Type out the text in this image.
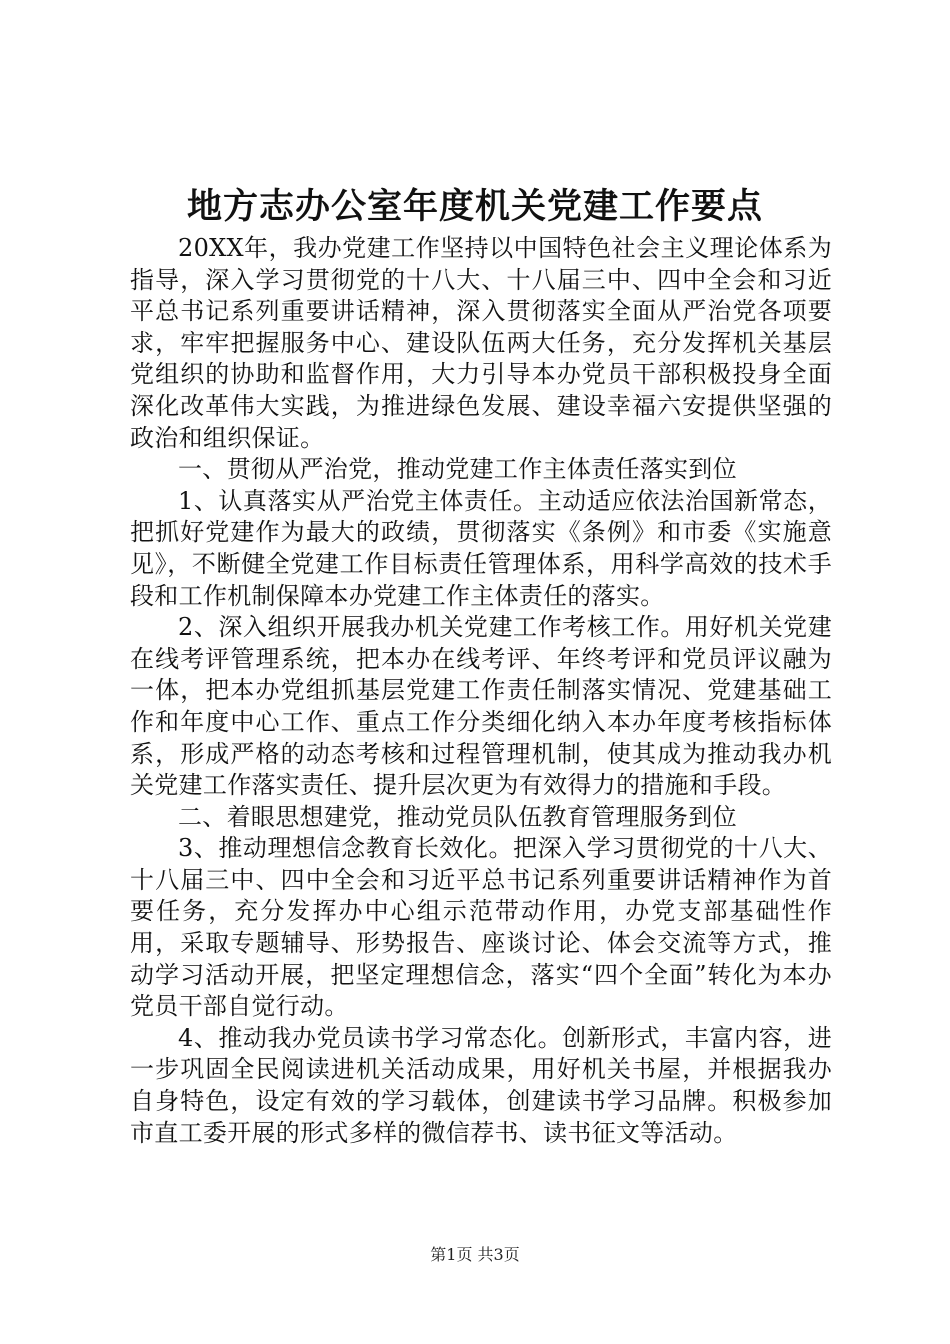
地方志办公室年度机关党建工作要点

20XX年，我办党建工作坚持以中国特色社会主义理论体系为指导，深入学习贯彻党的十八大、十八届三中、四中全会和习近平总书记系列重要讲话精神，深入贯彻落实全面从严治党各项要求，牢牢把握服务中心、建设队伍两大任务，充分发挥机关基层党组织的协助和监督作用，大力引导本办党员干部积极投身全面深化改革伟大实践，为推进绿色发展、建设幸福六安提供坚强的政治和组织保证。

一、贯彻从严治党，推动党建工作主体责任落实到位

1、认真落实从严治党主体责任。主动适应依法治国新常态，把抓好党建作为最大的政绩，贯彻落实《条例》和市委《实施意见》，不断健全党建工作目标责任管理体系，用科学高效的技术手段和工作机制保障本办党建工作主体责任的落实。

2、深入组织开展我办机关党建工作考核工作。用好机关党建在线考评管理系统，把本办在线考评、年终考评和党员评议融为一体，把本办党组抓基层党建工作责任制落实情况、党建基础工作和年度中心工作、重点工作分类细化纳入本办年度考核指标体系，形成严格的动态考核和过程管理机制，使其成为推动我办机关党建工作落实责任、提升层次更为有效得力的措施和手段。

二、着眼思想建党，推动党员队伍教育管理服务到位

3、推动理想信念教育长效化。把深入学习贯彻党的十八大、十八届三中、四中全会和习近平总书记系列重要讲话精神作为首要任务，充分发挥办中心组示范带动作用，办党支部基础性作用，采取专题辅导、形势报告、座谈讨论、体会交流等方式，推动学习活动开展，把坚定理想信念，落实“四个全面”转化为本办党员干部自觉行动。

4、推动我办党员读书学习常态化。创新形式，丰富内容，进一步巩固全民阅读进机关活动成果，用好机关书屋，并根据我办自身特色，设定有效的学习载体，创建读书学习品牌。积极参加市直工委开展的形式多样的微信荐书、读书征文等活动。

第1页 共3页
